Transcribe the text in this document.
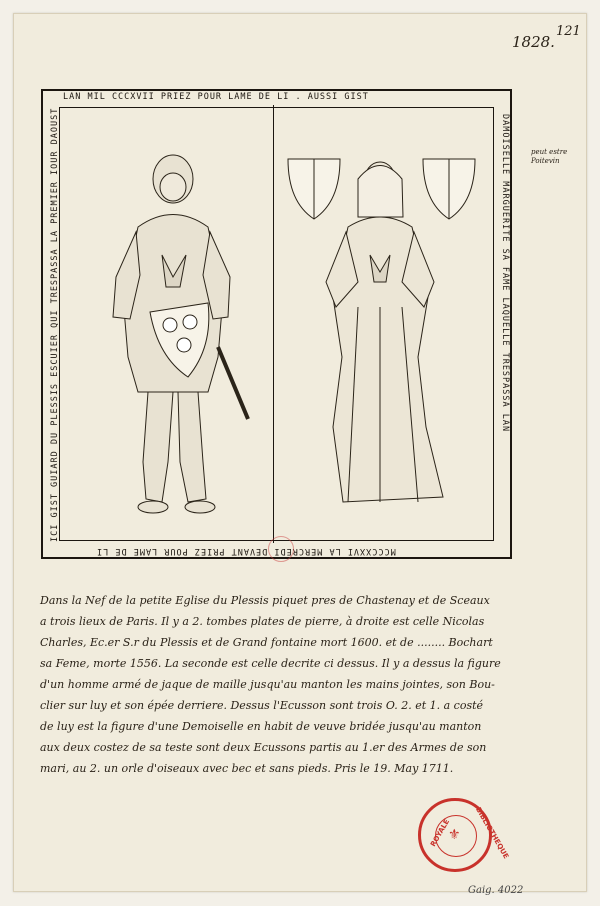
1828.
121
peut estre Poitevin
LAN MIL CCCXVII PRIEZ POUR LAME DE LI . AUSSI GIST
MCCCXXVI LA MERCREDI DEVANT PRIEZ POUR LAME DE LI
ICI GIST GUIARD DU PLESSIS ESCUIER QUI TRESPASSA LA PREMIER IOUR DAOUST	DAMOISELLE MARGUERITE SA FAME LAQUELLE TRESPASSA LAN

Dans la Nef de la petite Eglise du Plessis piquet pres de Chastenay et de Sceaux

a trois lieux de Paris. Il y a 2. tombes plates de pierre, à droite est celle Nicolas

Charles, Ec.er S.r du Plessis et de Grand fontaine mort 1600. et de ........ Bochart

sa Feme, morte 1556. La seconde est celle decrite ci dessus. Il y a dessus la figure

d'un homme armé de jaque de maille jusqu'au manton les mains jointes, son Bou-

clier sur luy et son épée derriere. Dessus l'Ecusson sont trois O. 2. et 1. a costé

de luy est la figure d'une Demoiselle en habit de veuve bridée jusqu'au manton

aux deux costez de sa teste sont deux Ecussons partis au 1.er des Armes de son

mari, au 2. un orle d'oiseaux avec bec et sans pieds. Pris le 19. May 1711.

ROYALE	BIBLIOTHEQUE
⚜
Gaig. 4022
